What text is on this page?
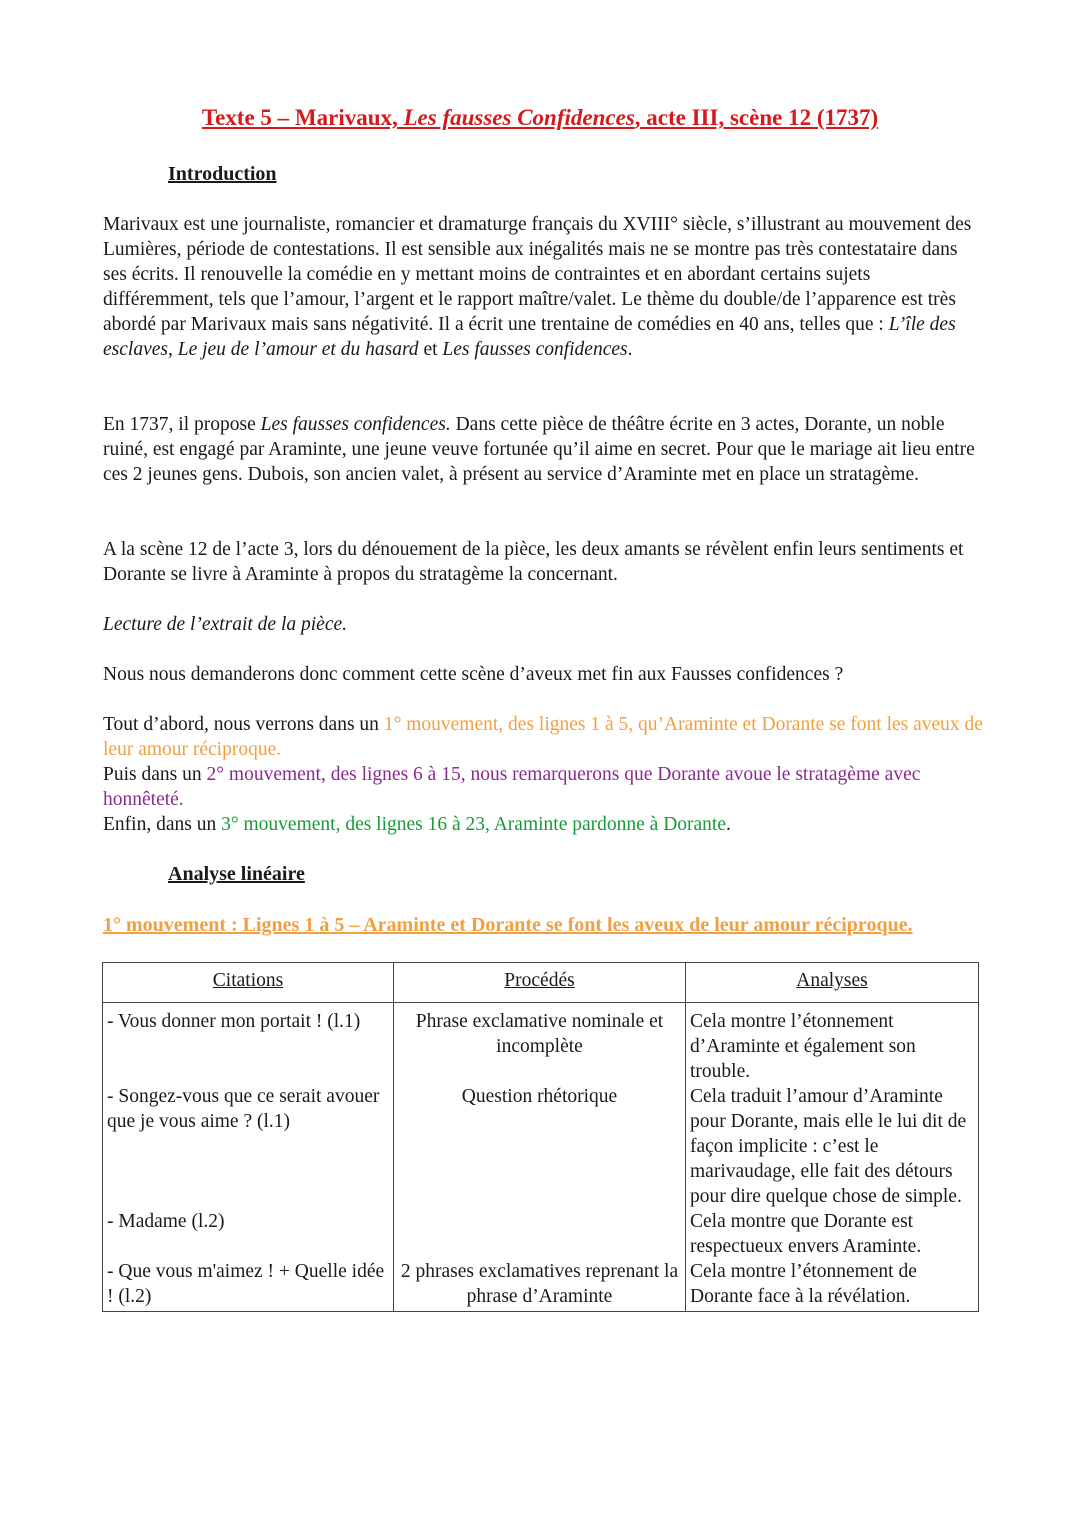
Texte 5 – Marivaux, Les fausses Confidences, acte III, scène 12 (1737)
Introduction

Marivaux est une journaliste, romancier et dramaturge français du XVIII° siècle, s’illustrant au mouvement des Lumières, période de contestations. Il est sensible aux inégalités mais ne se montre pas très contestataire dans ses écrits. Il renouvelle la comédie en y mettant moins de contraintes et en abordant certains sujets différemment, tels que l’amour, l’argent et le rapport maître/valet. Le thème du double/de l’apparence est très abordé par Marivaux mais sans négativité. Il a écrit une trentaine de comédies en 40 ans, telles que : L’île des esclaves, Le jeu de l’amour et du hasard et Les fausses confidences.

En 1737, il propose Les fausses confidences. Dans cette pièce de théâtre écrite en 3 actes, Dorante, un noble ruiné, est engagé par Araminte, une jeune veuve fortunée qu’il aime en secret. Pour que le mariage ait lieu entre ces 2 jeunes gens. Dubois, son ancien valet, à présent au service d’Araminte met en place un stratagème.

A la scène 12 de l’acte 3, lors du dénouement de la pièce, les deux amants se révèlent enfin leurs sentiments et Dorante se livre à Araminte à propos du stratagème la concernant.

Lecture de l’extrait de la pièce.

Nous nous demanderons donc comment cette scène d’aveux met fin aux Fausses confidences ?

Tout d’abord, nous verrons dans un 1° mouvement, des lignes 1 à 5, qu’Araminte et Dorante se font les aveux de leur amour réciproque.
Puis dans un 2° mouvement, des lignes 6 à 15, nous remarquerons que Dorante avoue le stratagème avec honnêteté.
Enfin, dans un 3° mouvement, des lignes 16 à 23, Araminte pardonne à Dorante.

Analyse linéaire
1° mouvement : Lignes 1 à 5 – Araminte et Dorante se font les aveux de leur amour réciproque.
Citations	Procédés	Analyses
- Vous donner mon portait ! (l.1)	Phrase exclamative nominale et incomplète	Cela montre l’étonnement d’Araminte et également son trouble.
- Songez-vous que ce serait avouer que je vous aime ? (l.1)	Question rhétorique	Cela traduit l’amour d’Araminte pour Dorante, mais elle le lui dit de façon implicite : c’est le marivaudage, elle fait des détours pour dire quelque chose de simple.
- Madame (l.2)		Cela montre que Dorante est respectueux envers Araminte.
- Que vous m'aimez ! + Quelle idée ! (l.2)	2 phrases exclamatives reprenant la phrase d’Araminte	Cela montre l’étonnement de Dorante face à la révélation.
